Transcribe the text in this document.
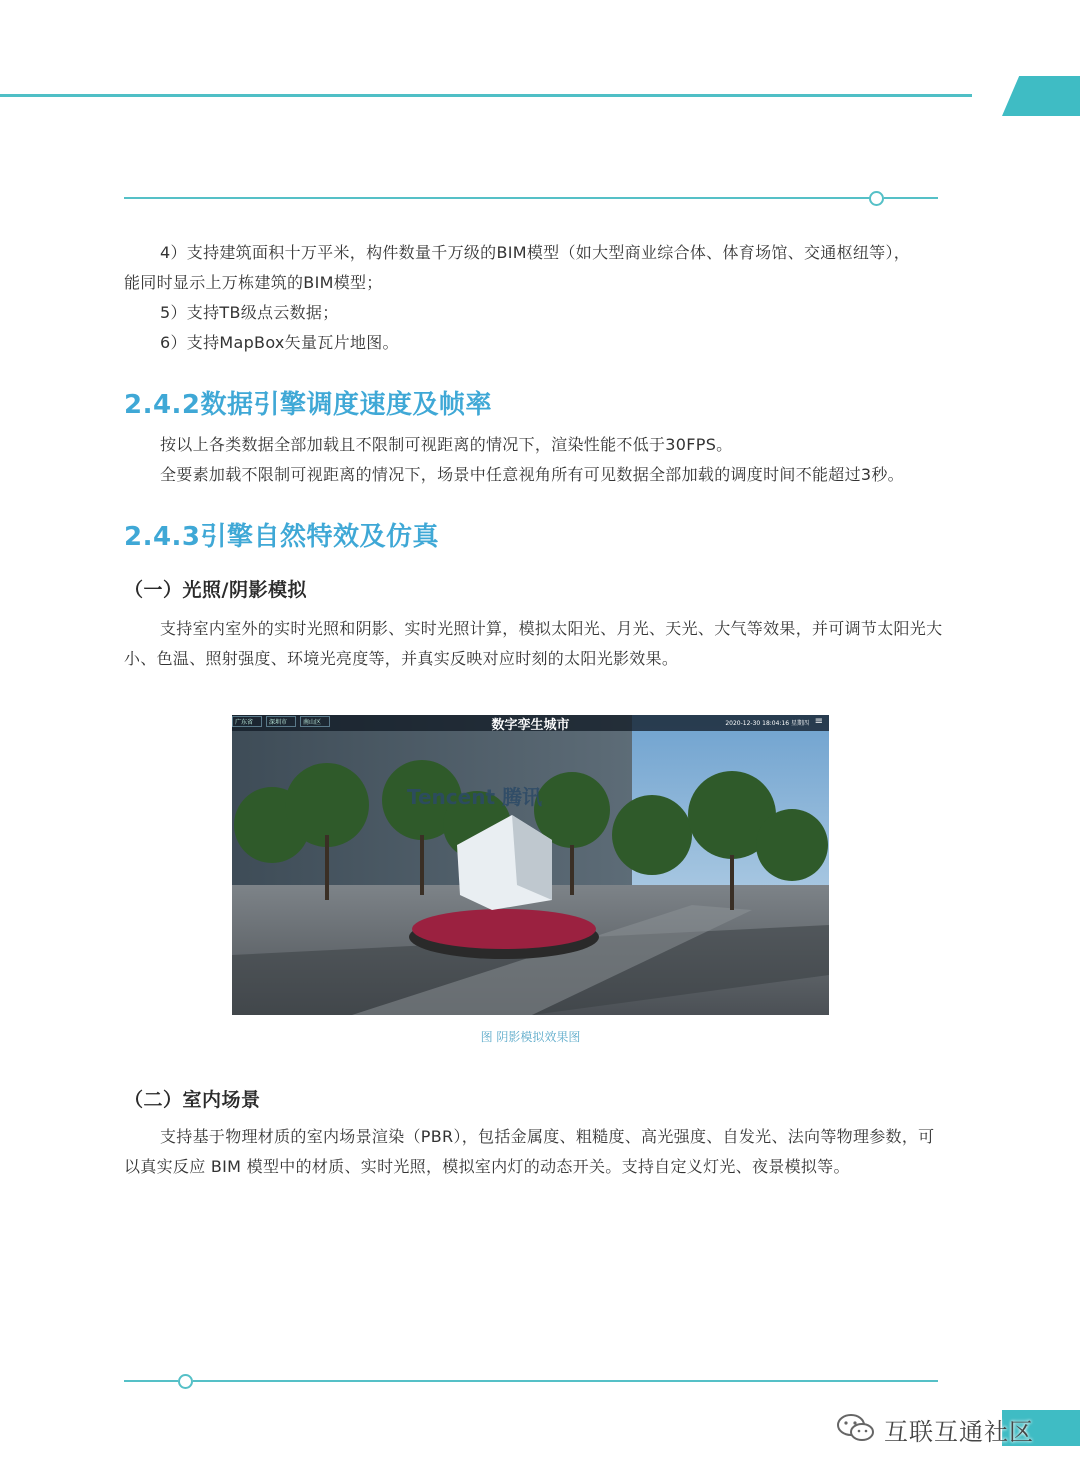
4）支持建筑面积十万平米，构件数量千万级的BIM模型（如大型商业综合体、体育场馆、交通枢纽等），

能同时显示上万栋建筑的BIM模型；

5）支持TB级点云数据；

6）支持MapBox矢量瓦片地图。

2.4.2数据引擎调度速度及帧率

按以上各类数据全部加载且不限制可视距离的情况下，渲染性能不低于30FPS。

全要素加载不限制可视距离的情况下，场景中任意视角所有可见数据全部加载的调度时间不能超过3秒。

2.4.3引擎自然特效及仿真
（一）光照/阴影模拟

支持室内室外的实时光照和阴影、实时光照计算，模拟太阳光、月光、天光、大气等效果，并可调节太阳光大小、色温、照射强度、环境光亮度等，并真实反映对应时刻的太阳光影效果。

广东省	深圳市	南山区	数字孪生城市	2020-12-30 18:04:16 星期四 ≡
Tencent 腾讯
图 阴影模拟效果图
（二）室内场景

支持基于物理材质的室内场景渲染（PBR），包括金属度、粗糙度、高光强度、自发光、法向等物理参数，可以真实反应 BIM 模型中的材质、实时光照，模拟室内灯的动态开关。支持自定义灯光、夜景模拟等。

互联互通社区
